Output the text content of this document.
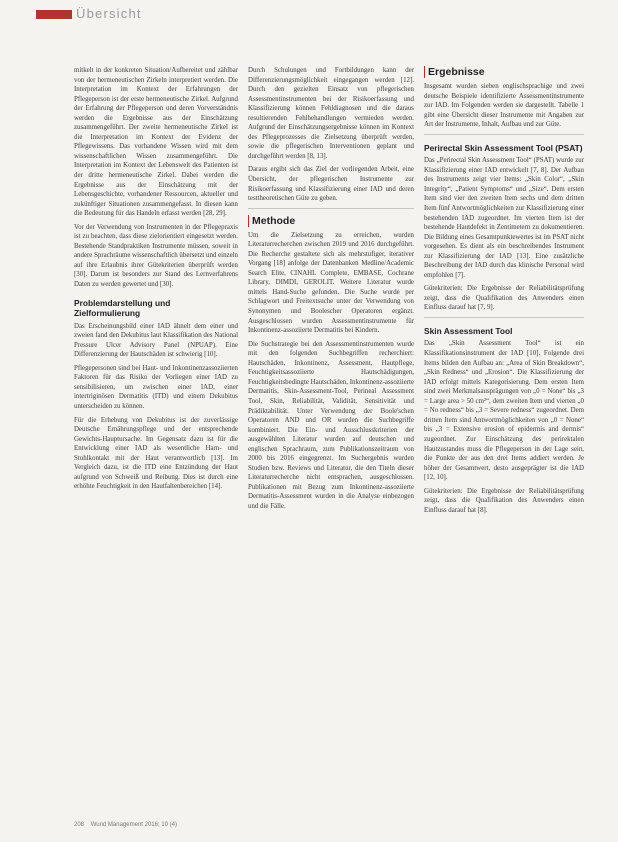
Übersicht

mitkelt in der konkreten Situation/Aufbereitet und zählbar von der hermeneutischen Zirkeln interpretiert werden. Die Interpretation im Kontext der Erfahrungen der Pflegeperson ist der erste hermeneutische Zirkel. Aufgrund der Erfahrung der Pflegeperson und deren Vorverständnis werden die Ergebnisse aus der Einschätzung zusammengeführt. Der zweite hermeneutische Zirkel ist die Interpretation im Kontext der Evidenz der Pflegewissens. Das vorhandene Wissen wird mit dem wissenschaftlichen Wissen zusammengeführt. Die Interpretation im Kontext der Lebenswelt des Patienten ist der dritte hermeneutische Zirkel. Dabei werden die Ergebnisse aus der Einschätzung mit der Lebensgeschichte, vorhandener Ressourcen, aktueller und zukünftiger Situationen zusammengefasst. In diesen kann die Bedeutung für das Handeln erfasst werden [28, 29].

Vor der Verwendung von Instrumenten in der Pflegepraxis ist zu beachten, dass diese zielorientiert eingesetzt werden. Bestehende Standpraktiken Instrumente müssen, soweit in andere Sprachräume wissenschaftlich übersetzt und einzeln auf ihre Erlaubnis ihrer Gütekriterien überprüft werden [30]. Darum ist besonders zur Stand des Lernverfahrens Daten zu werden gewertet und [30].

Problemdarstellung und Zielformulierung

Das Erscheinungsbild einer IAD ähnelt dem einer und zweien fand den Dekubitus laut Klassifikation des National Pressure Ulcer Advisory Panel (NPUAP). Eine Differenzierung der Hautschäden ist schwierig [10].

Pflegepersonen sind bei Haut- und Inkontinenzassoziierten Faktoren für das Risiko der Vorliegen einer IAD zu sensibilisieren, um zwischen einer IAD, einer intertriginösen Dermatitis (ITD) und einem Dekubitus unterscheiden zu können.

Für die Erhebung von Dekubitus ist der zuverlässige Deutsche Ernährungspflege und der entsprechende Gewichts-Hauptursache. Im Gegensatz dazu ist für die Entwicklung einer IAD als wesentliche Harn- und Stuhlkontakt mit der Haut verantwortlich [13]. Im Vergleich dazu, ist die ITD eine Entzündung der Haut aufgrund von Schweiß und Reibung. Dies ist durch eine erhöhte Feuchtigkeit in den Hautfaltenbereichen [14].

Durch Schulungen und Fortbildungen kann der Differenzierungsmöglichkeit eingegangen werden [12]. Durch den gezielten Einsatz von pflegerischen Assessmentinstrumenten bei der Risikoerfassung und Klassifizierung können Fehldiagnosen und die daraus resultierenden Fehlbehandlungen vermieden werden. Aufgrund der Einschätzungsergebnisse können im Kontext des Pflegeprozesses die Zielsetzung überprüft werden, sowie die pflegerischen Interventionen geplant und durchgeführt werden [8, 13].

Daraus ergibt sich das Ziel der vorliegenden Arbeit, eine Übersicht, der pflegerischen Instrumente zur Risikoerfassung und Klassifizierung einer IAD und deren testtheoretischen Güte zu geben.

Methode

Um die Zielsetzung zu erreichen, wurden Literaturrecherchen zwischen 2019 und 2016 durchgeführt. Die Recherche gestaltete sich als mehrstufiger, iterativer Vorgang [18] anfolge der Datenbanken Medline/Academic Search Elite, CINAHL Complete, EMBASE, Cochrane Library, DIMDI, GEROLIT. Weitere Literatur wurde mittels Hand-Suche gefunden. Die Suche wurde per Schlagwort und Freitextsuche unter der Verwendung von Synonymen und Boolescher Operatoren ergänzt. Ausgeschlossen wurden Assessmentinstrumente für Inkontinenz-assoziierte Dermatitis bei Kindern.

Die Suchstrategie bei den Assessmentinstrumenten wurde mit den folgenden Suchbegriffen recherchiert: Hautschäden, Inkontinenz, Assessment, Hautpflege, Feuchtigkeitsassoziierte Hautschädigungen, Feuchtigkeitsbedingte Hautschäden, Inkontinenz-assoziierte Dermatitis, Skin-Assessment-Tool, Perineal Assessment Tool, Skin, Reliabilität, Validität, Sensitivität und Prädiktabilität. Unter Verwendung der Boole'schen Operatoren AND und OR wurden die Suchbegriffe kombiniert. Die Ein- und Ausschlusskriterien der ausgewählten Literatur wurden auf deutschen und englischen Sprachraum, zum Publikationszeitraum von 2000 bis 2016 eingegrenzt. Im Suchergebnis wurden Studien bzw. Reviews und Literatur, die den Titeln dieser Literaturrecherche nicht entsprachen, ausgeschlossen. Publikationen mit Bezug zum Inkontinenz-assoziierte Dermatitis-Assessment wurden in die Analyse einbezogen und die Fälle.

Ergebnisse

Insgesamt wurden sieben englischsprachige und zwei deutsche Beispiele identifizierte Assessmentinstrumente zur IAD. Im Folgenden werden sie dargestellt. Tabelle 1 gibt eine Übersicht dieser Instrumente mit Angaben zur Art der Instrumente, Inhalt, Aufbau und zur Güte.

Perirectal Skin Assessment Tool (PSAT)

Das „Perirectal Skin Assessment Tool“ (PSAT) wurde zur Klassifizierung einer IAD entwickelt [7, 8]. Der Aufbau des Instruments zeigt vier Items: „Skin Color“, „Skin Integrity“, „Patient Symptoms“ und „Size“. Dem ersten Item sind vier den zweiten Item sechs und dem dritten Item fünf Antwortmöglichkeiten zur Klassifizierung einer bestehenden IAD zugeordnet. Im vierten Item ist der bestehende Hautdefekt in Zentimetern zu dokumentieren. Die Bildung eines Gesamtpunktewertes ist im PSAT nicht vorgesehen. Es dient als ein beschreibendes Instrument zur Klassifizierung der IAD [13]. Eine zusätzliche Beschreibung der IAD durch das klinische Personal wird empfohlen [7].

Gütekriterien: Die Ergebnisse der Reliabilitätsprüfung zeigt, dass die Qualifikation des Anwenders einen Einfluss darauf hat [7, 9].

Skin Assessment Tool

Das „Skin Assessment Tool“ ist ein Klassifikationsinstrument der IAD [10]. Folgende drei Items bilden den Aufbau an: „Area of Skin Breakdown“, „Skin Redness“ und „Erosion“. Die Klassifizierung der IAD erfolgt mittels Kategorisierung. Dem ersten Item sind zwei Merkmalsausprägungen von „0 = None“ bis „3 = Large area > 50 cm²“, dem zweiten Item und vierten „0 = No redness“ bis „3 = Severe redness“ zugeordnet. Dem dritten Item sind Antwortmöglichkeiten von „0 = None“ bis „3 = Extensive erosion of epidermis and dermis“ zugeordnet. Zur Einschätzung des perirektalen Hautzustandes muss die Pflegeperson in der Lage sein, die Punkte der aus den drei Items addiert werden. Je höher der Gesamtwert, desto ausgeprägter ist die IAD [12, 10].

Gütekriterien: Die Ergebnisse der Reliabilitätsprüfung zeigt, dass die Qualifikation des Anwenders einen Einfluss darauf hat [8].

208 Wund Management 2016; 10 (4)
